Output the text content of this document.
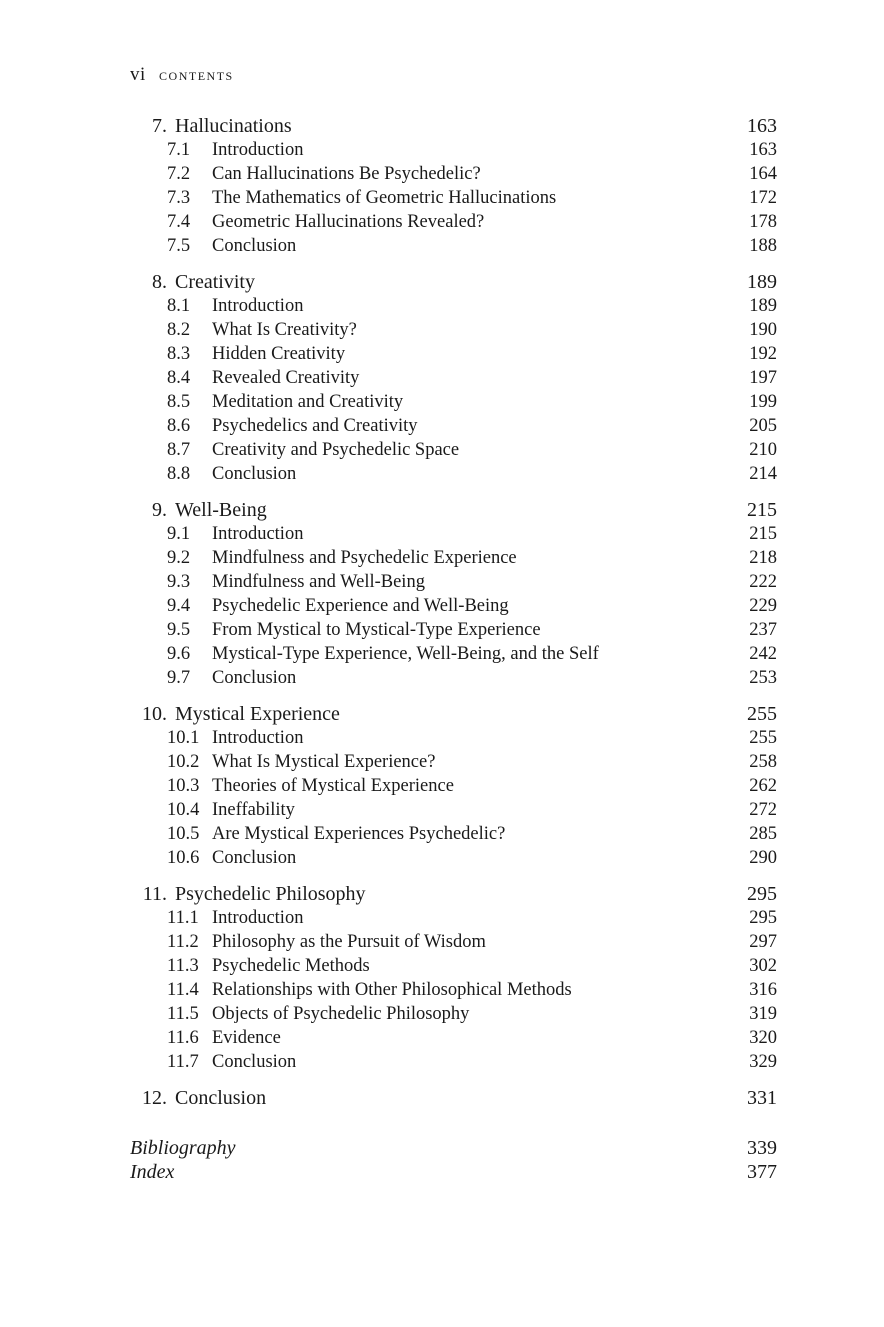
vi contents
7. Hallucinations	163
7.1	Introduction	163
7.2	Can Hallucinations Be Psychedelic?	164
7.3	The Mathematics of Geometric Hallucinations	172
7.4	Geometric Hallucinations Revealed?	178
7.5	Conclusion	188
8. Creativity	189
8.1	Introduction	189
8.2	What Is Creativity?	190
8.3	Hidden Creativity	192
8.4	Revealed Creativity	197
8.5	Meditation and Creativity	199
8.6	Psychedelics and Creativity	205
8.7	Creativity and Psychedelic Space	210
8.8	Conclusion	214
9. Well-Being	215
9.1	Introduction	215
9.2	Mindfulness and Psychedelic Experience	218
9.3	Mindfulness and Well-Being	222
9.4	Psychedelic Experience and Well-Being	229
9.5	From Mystical to Mystical-Type Experience	237
9.6	Mystical-Type Experience, Well-Being, and the Self	242
9.7	Conclusion	253
10. Mystical Experience	255
10.1 Introduction	255
10.2 What Is Mystical Experience?	258
10.3 Theories of Mystical Experience	262
10.4 Ineffability	272
10.5 Are Mystical Experiences Psychedelic?	285
10.6 Conclusion	290
11. Psychedelic Philosophy	295
11.1 Introduction	295
11.2 Philosophy as the Pursuit of Wisdom	297
11.3 Psychedelic Methods	302
11.4 Relationships with Other Philosophical Methods	316
11.5 Objects of Psychedelic Philosophy	319
11.6 Evidence	320
11.7 Conclusion	329
12. Conclusion	331
Bibliography	339
Index	377
